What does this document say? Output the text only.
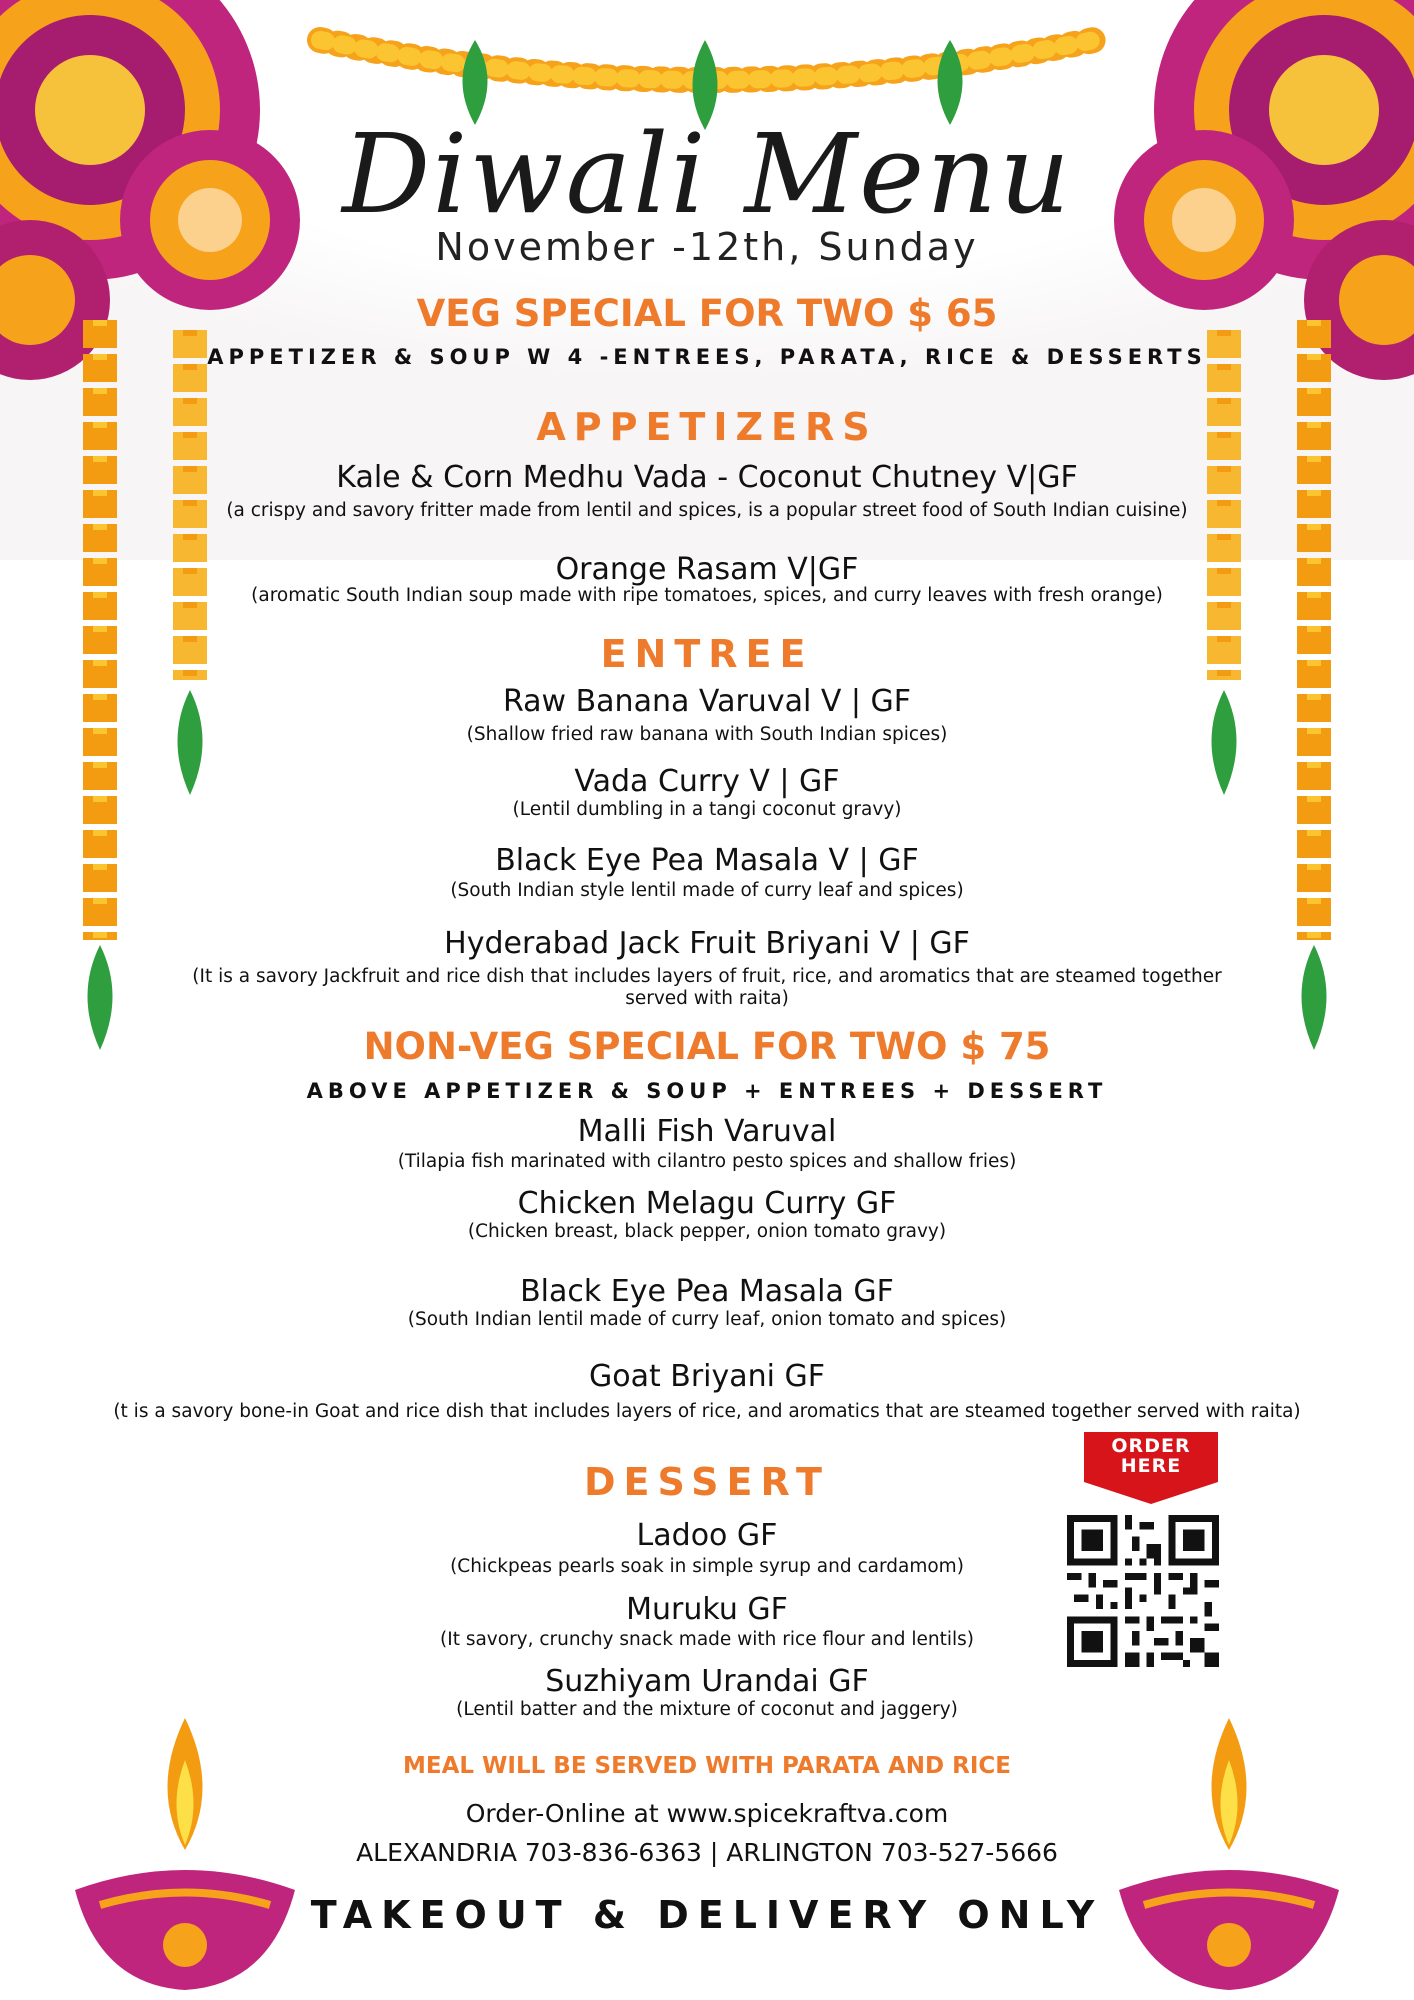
Diwali Menu
November -12th, Sunday
VEG SPECIAL FOR TWO $ 65
APPETIZER & SOUP W 4 -ENTREES, PARATA, RICE & DESSERTS
APPETIZERS
Kale & Corn Medhu Vada - Coconut Chutney V|GF
(a crispy and savory fritter made from lentil and spices, is a popular street food of South Indian cuisine)
Orange Rasam V|GF
(aromatic South Indian soup made with ripe tomatoes, spices, and curry leaves with fresh orange)
ENTREE
Raw Banana Varuval V | GF
(Shallow fried raw banana with South Indian spices)
Vada Curry V | GF
(Lentil dumbling in a tangi coconut gravy)
Black Eye Pea Masala V | GF
(South Indian style lentil made of curry leaf and spices)
Hyderabad Jack Fruit Briyani V | GF
(It is a savory Jackfruit and rice dish that includes layers of fruit, rice, and aromatics that are steamed together
served with raita)
NON-VEG SPECIAL FOR TWO $ 75
ABOVE APPETIZER & SOUP + ENTREES + DESSERT
Malli Fish Varuval
(Tilapia fish marinated with cilantro pesto spices and shallow fries)
Chicken Melagu Curry GF
(Chicken breast, black pepper, onion tomato gravy)
Black Eye Pea Masala GF
(South Indian lentil made of curry leaf, onion tomato and spices)
Goat Briyani GF
(t is a savory bone-in Goat and rice dish that includes layers of rice, and aromatics that are steamed together served with raita)
DESSERT
Ladoo GF
(Chickpeas pearls soak in simple syrup and cardamom)
Muruku GF
(It savory, crunchy snack made with rice flour and lentils)
Suzhiyam Urandai GF
(Lentil batter and the mixture of coconut and jaggery)
ORDER
HERE
MEAL WILL BE SERVED WITH PARATA AND RICE
Order-Online at www.spicekraftva.com
ALEXANDRIA 703-836-6363 | ARLINGTON 703-527-5666
TAKEOUT & DELIVERY ONLY
